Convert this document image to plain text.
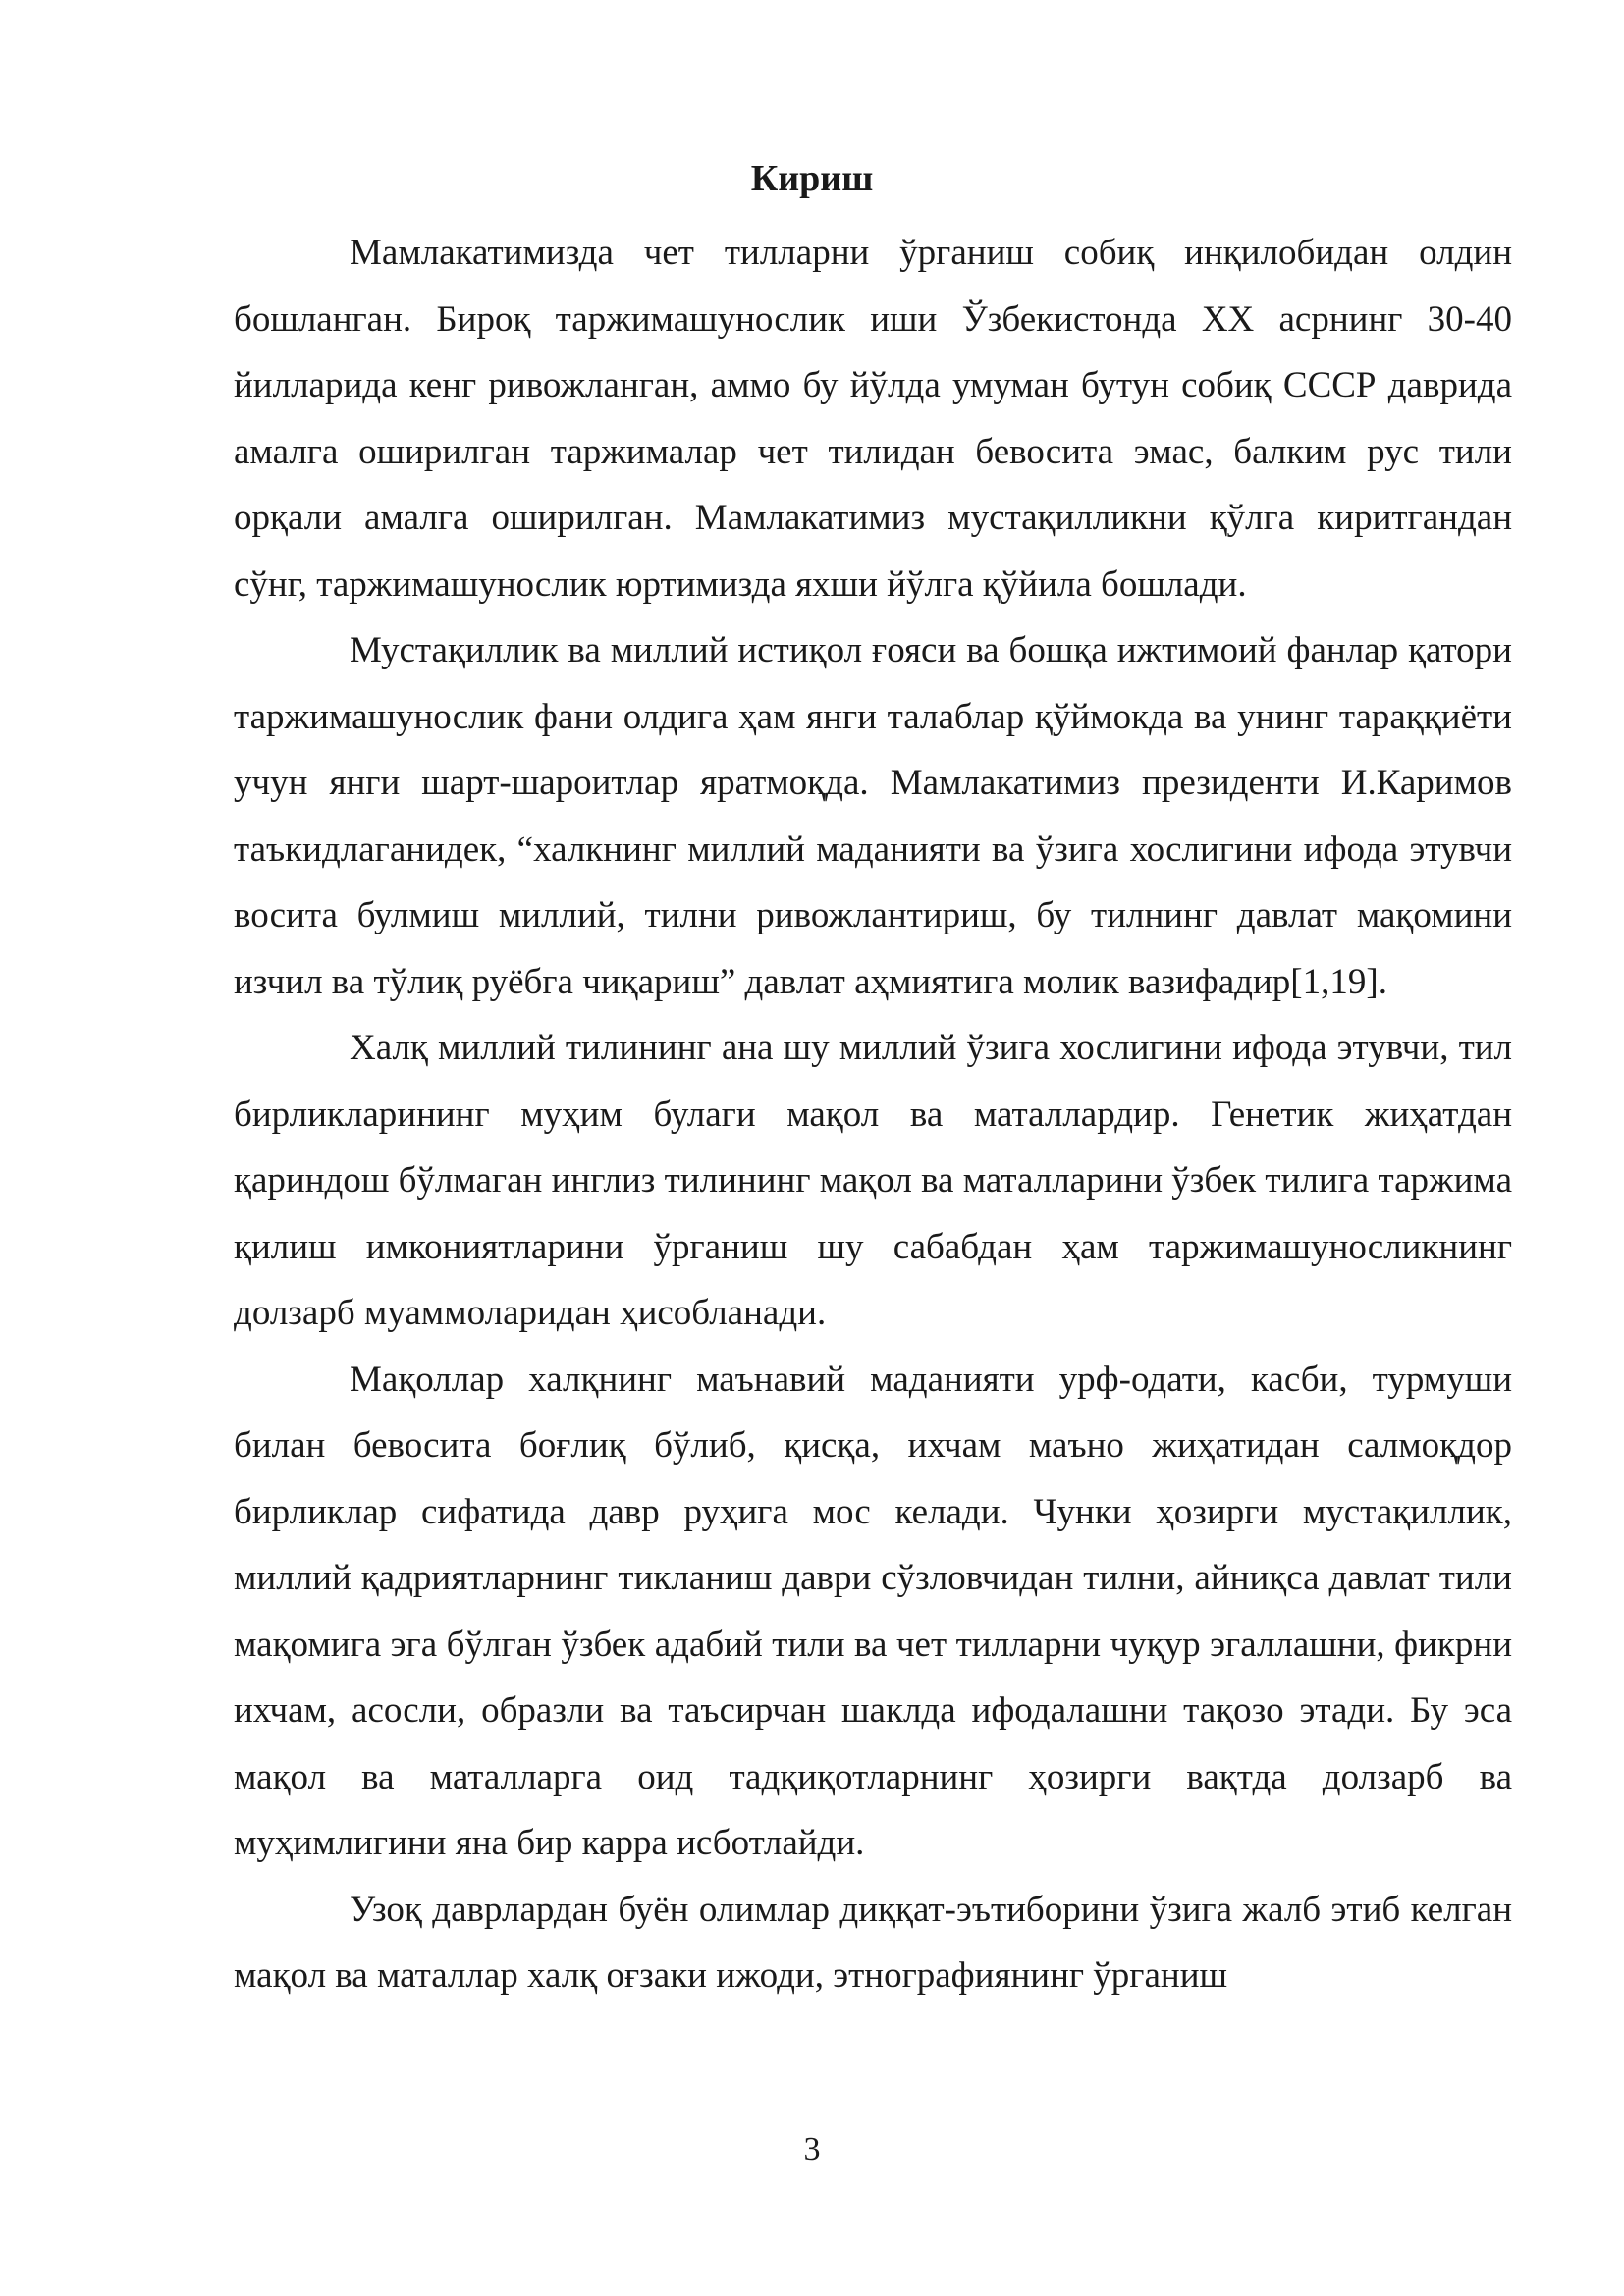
Кириш

Мамлакатимизда чет тилларни ўрганиш собиқ инқилобидан олдин бошланган. Бироқ таржимашунослик иши Ўзбекистонда XX асрнинг 30-40 йилларида кенг ривожланган, аммо бу йўлда умуман бутун собиқ СССР даврида амалга оширилган таржималар чет тилидан бевосита эмас, балким рус тили орқали амалга оширилган. Мамлакатимиз мустақилликни қўлга киритгандан сўнг, таржимашунослик юртимизда яхши йўлга қўйила бошлади.

Мустақиллик ва миллий истиқол ғояси ва бошқа ижтимоий фанлар қатори таржимашунослик фани олдига ҳам янги талаблар қўймокда ва унинг тараққиёти учун янги шарт-шароитлар яратмоқда. Мамлакатимиз президенти И.Каримов таъкидлаганидек, “халкнинг миллий маданияти ва ўзига хослигини ифода этувчи восита булмиш миллий, тилни ривожлантириш, бу тилнинг давлат мақомини изчил ва тўлиқ руёбга чиқариш” давлат аҳмиятига молик вазифадир[1,19].

Халқ миллий тилининг ана шу миллий ўзига хослигини ифода этувчи, тил бирликларининг муҳим булаги мақол ва маталлардир. Генетик жиҳатдан қариндош бўлмаган инглиз тилининг мақол ва маталларини ўзбек тилига таржима қилиш имкониятларини ўрганиш шу сабабдан ҳам таржимашуносликнинг долзарб муаммоларидан ҳисобланади.

Мақоллар халқнинг маънавий маданияти урф-одати, касби, турмуши билан бевосита боғлиқ бўлиб, қисқа, ихчам маъно жиҳатидан салмоқдор бирликлар сифатида давр руҳига мос келади. Чунки ҳозирги мустақиллик, миллий қадриятларнинг тикланиш даври сўзловчидан тилни, айниқса давлат тили мақомига эга бўлган ўзбек адабий тили ва чет тилларни чуқур эгаллашни, фикрни ихчам, асосли, образли ва таъсирчан шаклда ифодалашни тақозо этади. Бу эса мақол ва маталларга оид тадқиқотларнинг ҳозирги вақтда долзарб ва муҳимлигини яна бир карра исботлайди.

Узоқ даврлардан буён олимлар диққат-эътиборини ўзига жалб этиб келган мақол ва маталлар халқ оғзаки ижоди, этнографиянинг ўрганиш

3
